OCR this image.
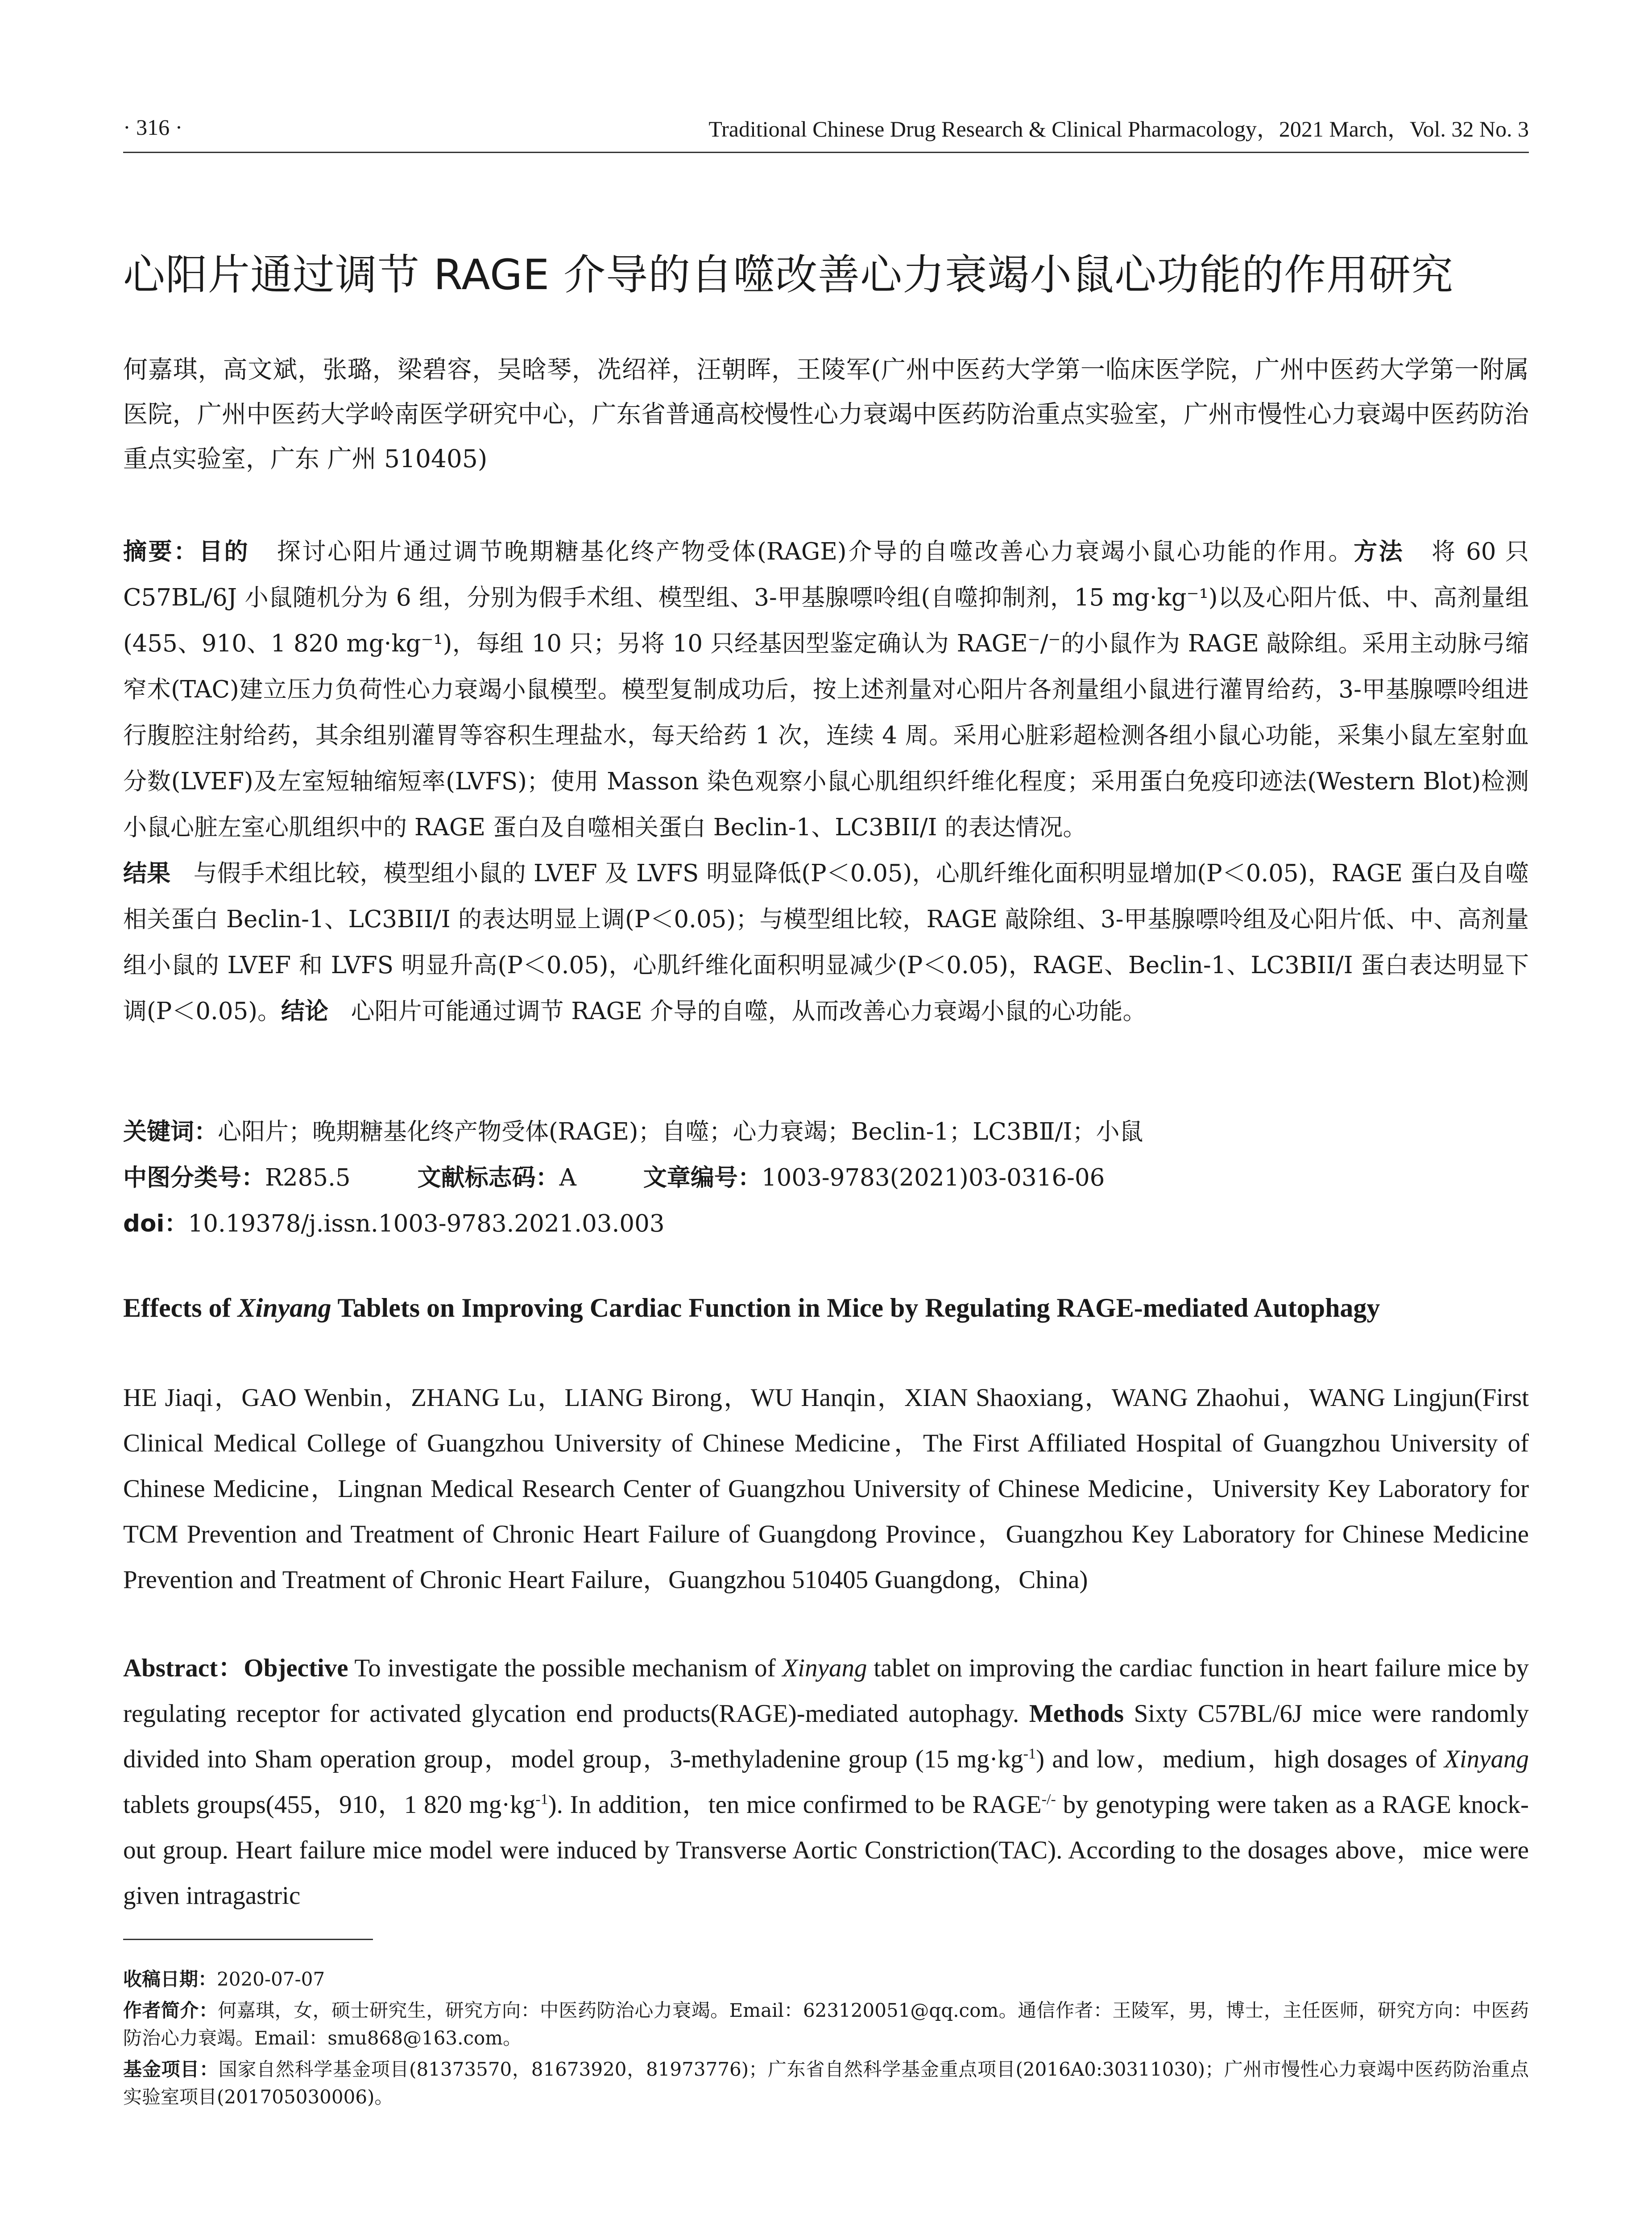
· 316 ·	Traditional Chinese Drug Research & Clinical Pharmacology，2021 March，Vol. 32 No. 3
心阳片通过调节 RAGE 介导的自噬改善心力衰竭小鼠心功能的作用研究
何嘉琪，高文斌，张璐，梁碧容，吴晗琴，冼绍祥，汪朝晖，王陵军(广州中医药大学第一临床医学院，广州中医药大学第一附属医院，广州中医药大学岭南医学研究中心，广东省普通高校慢性心力衰竭中医药防治重点实验室，广州市慢性心力衰竭中医药防治重点实验室，广东 广州 510405)
摘要：目的 探讨心阳片通过调节晚期糖基化终产物受体(RAGE)介导的自噬改善心力衰竭小鼠心功能的作用。方法 将 60 只 C57BL/6J 小鼠随机分为 6 组，分别为假手术组、模型组、3-甲基腺嘌呤组(自噬抑制剂，15 mg·kg⁻¹)以及心阳片低、中、高剂量组(455、910、1 820 mg·kg⁻¹)，每组 10 只；另将 10 只经基因型鉴定确认为 RAGE⁻/⁻的小鼠作为 RAGE 敲除组。采用主动脉弓缩窄术(TAC)建立压力负荷性心力衰竭小鼠模型。模型复制成功后，按上述剂量对心阳片各剂量组小鼠进行灌胃给药，3-甲基腺嘌呤组进行腹腔注射给药，其余组别灌胃等容积生理盐水，每天给药 1 次，连续 4 周。采用心脏彩超检测各组小鼠心功能，采集小鼠左室射血分数(LVEF)及左室短轴缩短率(LVFS)；使用 Masson 染色观察小鼠心肌组织纤维化程度；采用蛋白免疫印迹法(Western Blot)检测小鼠心脏左室心肌组织中的 RAGE 蛋白及自噬相关蛋白 Beclin-1、LC3BII/I 的表达情况。
结果 与假手术组比较，模型组小鼠的 LVEF 及 LVFS 明显降低(P＜0.05)，心肌纤维化面积明显增加(P＜0.05)，RAGE 蛋白及自噬相关蛋白 Beclin-1、LC3BII/I 的表达明显上调(P＜0.05)；与模型组比较，RAGE 敲除组、3-甲基腺嘌呤组及心阳片低、中、高剂量组小鼠的 LVEF 和 LVFS 明显升高(P＜0.05)，心肌纤维化面积明显减少(P＜0.05)，RAGE、Beclin-1、LC3BII/I 蛋白表达明显下调(P＜0.05)。结论 心阳片可能通过调节 RAGE 介导的自噬，从而改善心力衰竭小鼠的心功能。
关键词：心阳片；晚期糖基化终产物受体(RAGE)；自噬；心力衰竭；Beclin-1；LC3BⅡ/Ⅰ；小鼠
中图分类号：R285.5	文献标志码：A	文章编号：1003-9783(2021)03-0316-06
doi：10.19378/j.issn.1003-9783.2021.03.003
Effects of Xinyang Tablets on Improving Cardiac Function in Mice by Regulating RAGE-mediated Autophagy
HE Jiaqi，GAO Wenbin，ZHANG Lu，LIANG Birong，WU Hanqin，XIAN Shaoxiang，WANG Zhaohui，WANG Lingjun(First Clinical Medical College of Guangzhou University of Chinese Medicine，The First Affiliated Hospital of Guangzhou University of Chinese Medicine，Lingnan Medical Research Center of Guangzhou University of Chinese Medicine，University Key Laboratory for TCM Prevention and Treatment of Chronic Heart Failure of Guangdong Province，Guangzhou Key Laboratory for Chinese Medicine Prevention and Treatment of Chronic Heart Failure，Guangzhou 510405 Guangdong，China)
Abstract：Objective To investigate the possible mechanism of Xinyang tablet on improving the cardiac function in heart failure mice by regulating receptor for activated glycation end products(RAGE)-mediated autophagy. Methods Sixty C57BL/6J mice were randomly divided into Sham operation group，model group，3-methyladenine group (15 $mg\cdot kg^{-1}$) and low，medium，high dosages of Xinyang tablets groups(455，910，1 820 $mg\cdot kg^{-1}$). In addition，ten mice confirmed to be RAGE-/- by genotyping were taken as a RAGE knock-out group. Heart failure mice model were induced by Transverse Aortic Constriction(TAC). According to the dosages above，mice were given intragastric

收稿日期：2020-07-07

作者简介：何嘉琪，女，硕士研究生，研究方向：中医药防治心力衰竭。Email：623120051@qq.com。通信作者：王陵军，男，博士，主任医师，研究方向：中医药防治心力衰竭。Email：smu868@163.com。

基金项目：国家自然科学基金项目(81373570，81673920，81973776)；广东省自然科学基金重点项目(2016A0:30311030)；广州市慢性心力衰竭中医药防治重点实验室项目(201705030006)。
